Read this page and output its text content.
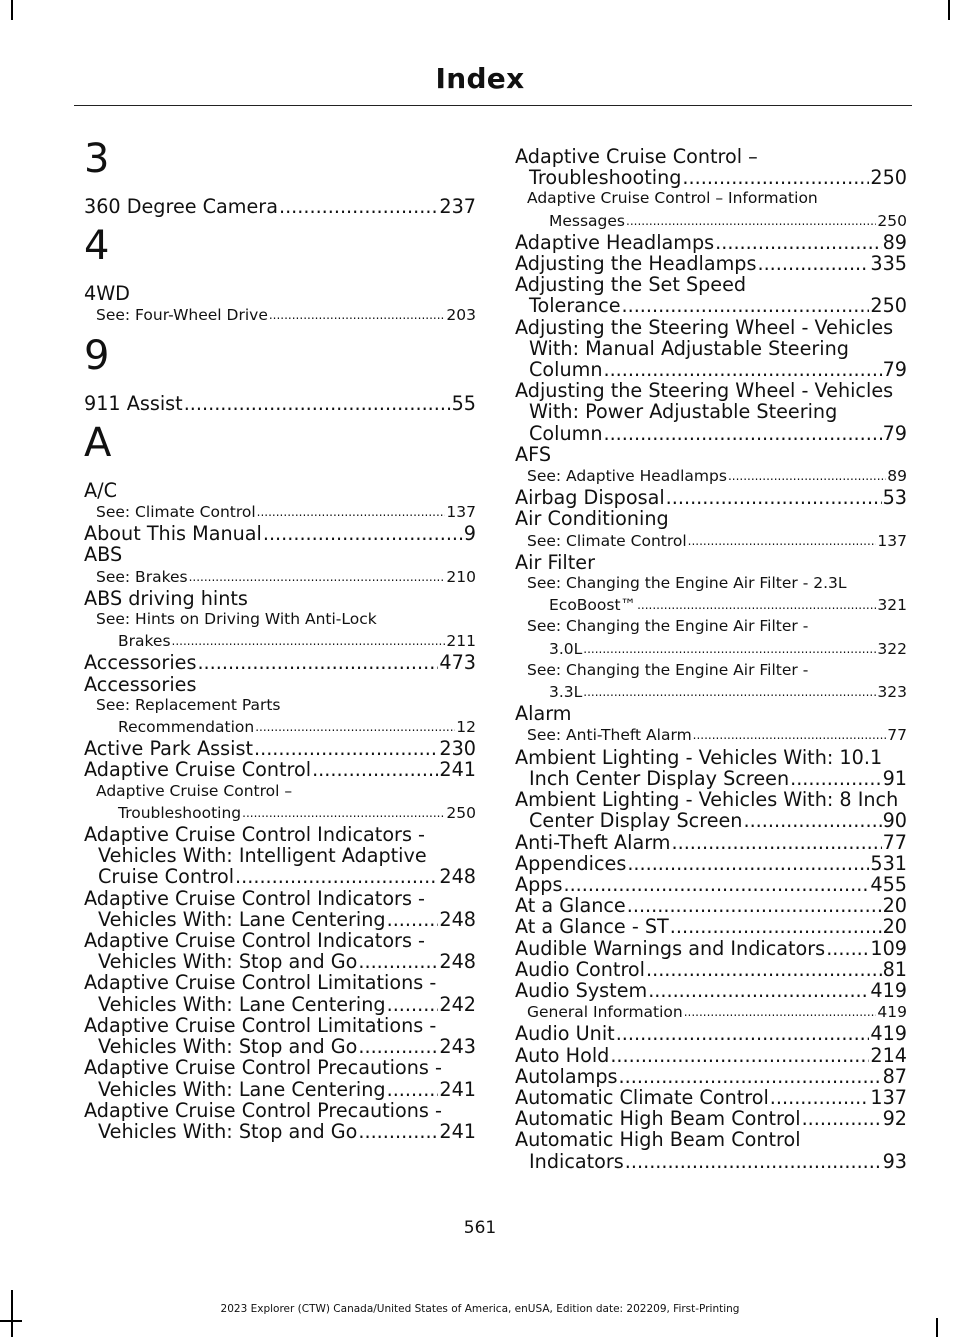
Index
3
360 Degree Camera .....	237
4
4WD
See: Four-Wheel Drive .....	203
9
911 Assist .....	55
A
A/C
See: Climate Control .....	137
About This Manual .....	9
ABS
See: Brakes .....	210
ABS driving hints
See: Hints on Driving With Anti-Lock
Brakes .....	211
Accessories .....	473
Accessories
See: Replacement Parts
Recommendation .....	12
Active Park Assist .....	230
Adaptive Cruise Control .....	241
Adaptive Cruise Control –
Troubleshooting .....	250
Adaptive Cruise Control Indicators -
Vehicles With: Intelligent Adaptive
Cruise Control .....	248
Adaptive Cruise Control Indicators -
Vehicles With: Lane Centering .....	248
Adaptive Cruise Control Indicators -
Vehicles With: Stop and Go .....	248
Adaptive Cruise Control Limitations -
Vehicles With: Lane Centering .....	242
Adaptive Cruise Control Limitations -
Vehicles With: Stop and Go .....	243
Adaptive Cruise Control Precautions -
Vehicles With: Lane Centering .....	241
Adaptive Cruise Control Precautions -
Vehicles With: Stop and Go .....	241
Adaptive Cruise Control –
Troubleshooting .....	250
Adaptive Cruise Control – Information
Messages .....	250
Adaptive Headlamps .....	89
Adjusting the Headlamps .....	335
Adjusting the Set Speed
Tolerance .....	250
Adjusting the Steering Wheel - Vehicles
With: Manual Adjustable Steering
Column .....	79
Adjusting the Steering Wheel - Vehicles
With: Power Adjustable Steering
Column .....	79
AFS
See: Adaptive Headlamps .....	89
Airbag Disposal .....	53
Air Conditioning
See: Climate Control .....	137
Air Filter
See: Changing the Engine Air Filter - 2.3L
EcoBoost™ .....	321
See: Changing the Engine Air Filter -
3.0L .....	322
See: Changing the Engine Air Filter -
3.3L .....	323
Alarm
See: Anti-Theft Alarm .....	77
Ambient Lighting - Vehicles With: 10.1
Inch Center Display Screen .....	91
Ambient Lighting - Vehicles With: 8 Inch
Center Display Screen .....	90
Anti-Theft Alarm .....	77
Appendices .....	531
Apps .....	455
At a Glance .....	20
At a Glance - ST .....	20
Audible Warnings and Indicators ..... 109
Audio Control .....	81
Audio System .....	419
General Information .....	419
Audio Unit .....	419
Auto Hold .....	214
Autolamps .....	87
Automatic Climate Control .....	137
Automatic High Beam Control .....	92
Automatic High Beam Control
Indicators .....	93
561
2023 Explorer (CTW) Canada/United States of America, enUSA, Edition date: 202209, First-Printing
